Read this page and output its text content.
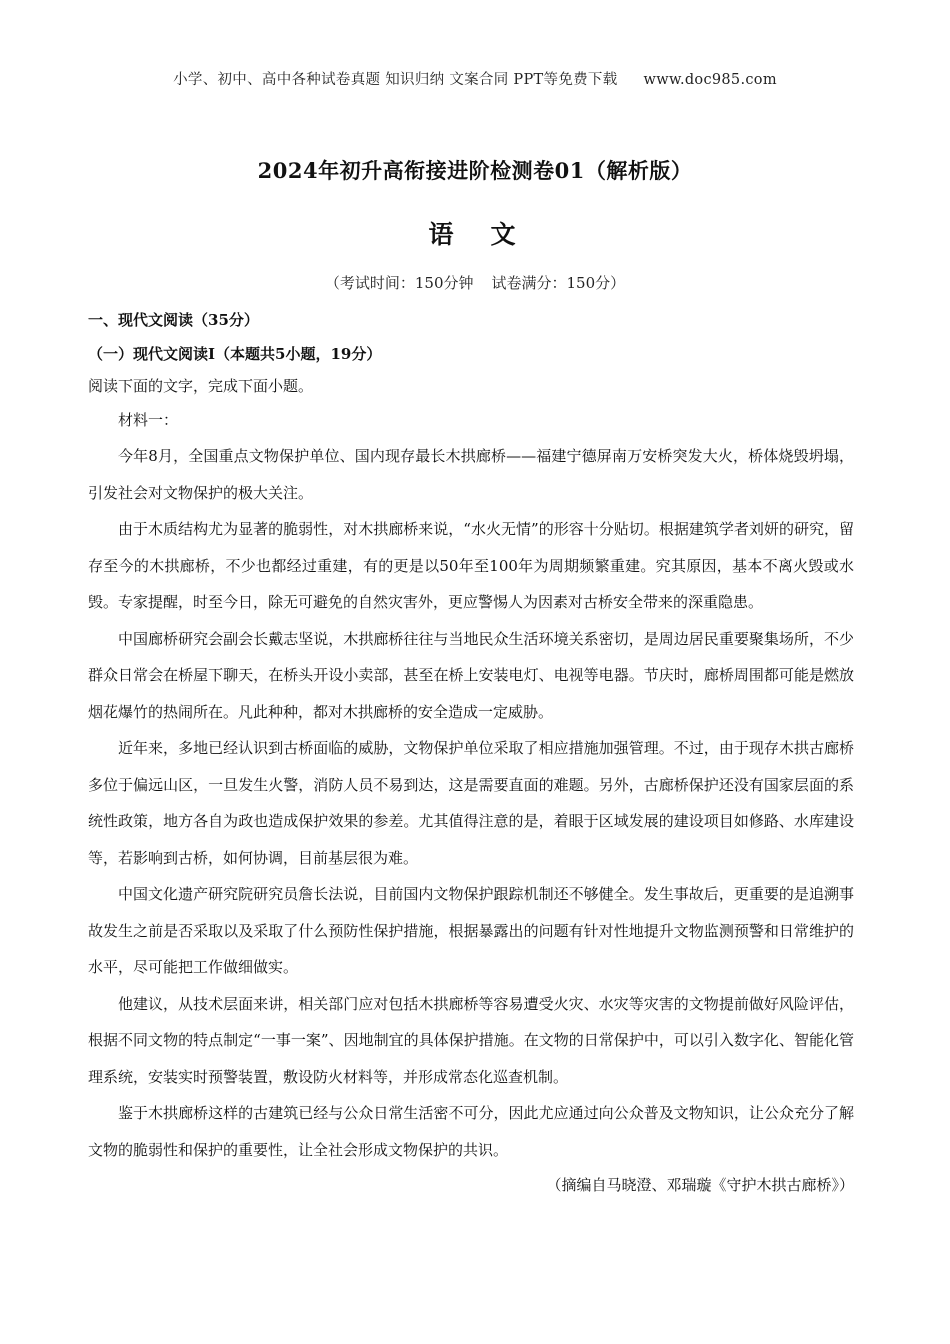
小学、初中、高中各种试卷真题 知识归纳 文案合同 PPT等免费下载 www.doc985.com
2024年初升高衔接进阶检测卷01（解析版）
语　文
（考试时间：150分钟 试卷满分：150分）
一、现代文阅读（35分）
（一）现代文阅读Ⅰ（本题共5小题，19分）
阅读下面的文字，完成下面小题。
材料一：

今年8月，全国重点文物保护单位、国内现存最长木拱廊桥——福建宁德屏南万安桥突发大火，桥体烧毁坍塌，引发社会对文物保护的极大关注。

由于木质结构尤为显著的脆弱性，对木拱廊桥来说，“水火无情”的形容十分贴切。根据建筑学者刘妍的研究，留存至今的木拱廊桥，不少也都经过重建，有的更是以50年至100年为周期频繁重建。究其原因，基本不离火毁或水毁。专家提醒，时至今日，除无可避免的自然灾害外，更应警惕人为因素对古桥安全带来的深重隐患。

中国廊桥研究会副会长戴志坚说，木拱廊桥往往与当地民众生活环境关系密切，是周边居民重要聚集场所，不少群众日常会在桥屋下聊天，在桥头开设小卖部，甚至在桥上安装电灯、电视等电器。节庆时，廊桥周围都可能是燃放烟花爆竹的热闹所在。凡此种种，都对木拱廊桥的安全造成一定威胁。

近年来，多地已经认识到古桥面临的威胁，文物保护单位采取了相应措施加强管理。不过，由于现存木拱古廊桥多位于偏远山区，一旦发生火警，消防人员不易到达，这是需要直面的难题。另外，古廊桥保护还没有国家层面的系统性政策，地方各自为政也造成保护效果的参差。尤其值得注意的是，着眼于区域发展的建设项目如修路、水库建设等，若影响到古桥，如何协调，目前基层很为难。

中国文化遗产研究院研究员詹长法说，目前国内文物保护跟踪机制还不够健全。发生事故后，更重要的是追溯事故发生之前是否采取以及采取了什么预防性保护措施，根据暴露出的问题有针对性地提升文物监测预警和日常维护的水平，尽可能把工作做细做实。

他建议，从技术层面来讲，相关部门应对包括木拱廊桥等容易遭受火灾、水灾等灾害的文物提前做好风险评估，根据不同文物的特点制定“一事一案”、因地制宜的具体保护措施。在文物的日常保护中，可以引入数字化、智能化管理系统，安装实时预警装置，敷设防火材料等，并形成常态化巡查机制。

鉴于木拱廊桥这样的古建筑已经与公众日常生活密不可分，因此尤应通过向公众普及文物知识，让公众充分了解文物的脆弱性和保护的重要性，让全社会形成文物保护的共识。

（摘编自马晓澄、邓瑞璇《守护木拱古廊桥》）
